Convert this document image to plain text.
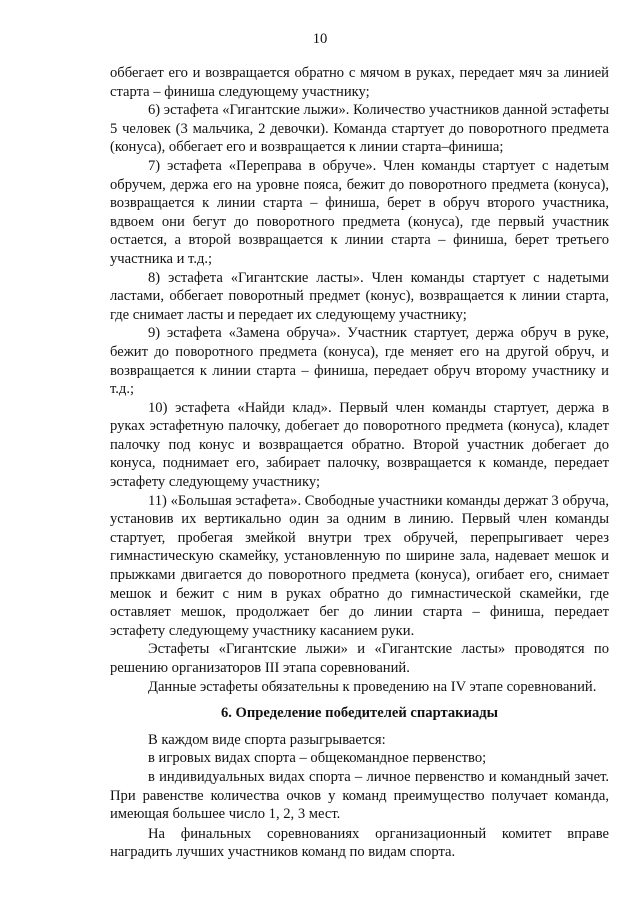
10

оббегает его и возвращается обратно с мячом в руках, передает мяч за линией старта – финиша следующему участнику;

6) эстафета «Гигантские лыжи». Количество участников данной эстафеты 5 человек (3 мальчика, 2 девочки). Команда стартует до поворотного предмета (конуса), оббегает его и возвращается к линии старта–финиша;

7) эстафета «Переправа в обруче». Член команды стартует с надетым обручем, держа его на уровне пояса, бежит до поворотного предмета (конуса), возвращается к линии старта – финиша, берет в обруч второго участника, вдвоем они бегут до поворотного предмета (конуса), где первый участник остается, а второй возвращается к линии старта – финиша, берет третьего участника и т.д.;

8) эстафета «Гигантские ласты». Член команды стартует с надетыми ластами, оббегает поворотный предмет (конус), возвращается к линии старта, где снимает ласты и передает их следующему участнику;

9) эстафета «Замена обруча». Участник стартует, держа обруч в руке, бежит до поворотного предмета (конуса), где меняет его на другой обруч, и возвращается к линии старта – финиша, передает обруч второму участнику и т.д.;

10) эстафета «Найди клад». Первый член команды стартует, держа в руках эстафетную палочку, добегает до поворотного предмета (конуса), кладет палочку под конус и возвращается обратно. Второй участник добегает до конуса, поднимает его, забирает палочку, возвращается к команде, передает эстафету следующему участнику;

11) «Большая эстафета». Свободные участники команды держат 3 обруча, установив их вертикально один за одним в линию. Первый член команды стартует, пробегая змейкой внутри трех обручей, перепрыгивает через гимнастическую скамейку, установленную по ширине зала, надевает мешок и прыжками двигается до поворотного предмета (конуса), огибает его, снимает мешок и бежит с ним в руках обратно до гимнастической скамейки, где оставляет мешок, продолжает бег до линии старта – финиша, передает эстафету следующему участнику касанием руки.

Эстафеты «Гигантские лыжи» и «Гигантские ласты» проводятся по решению организаторов III этапа соревнований.

Данные эстафеты обязательны к проведению на IV этапе соревнований.

6. Определение победителей спартакиады

В каждом виде спорта разыгрывается:

в игровых видах спорта – общекомандное первенство;

в индивидуальных видах спорта – личное первенство и командный зачет. При равенстве количества очков у команд преимущество получает команда, имеющая большее число 1, 2, 3 мест.

На финальных соревнованиях организационный комитет вправе наградить лучших участников команд по видам спорта.
